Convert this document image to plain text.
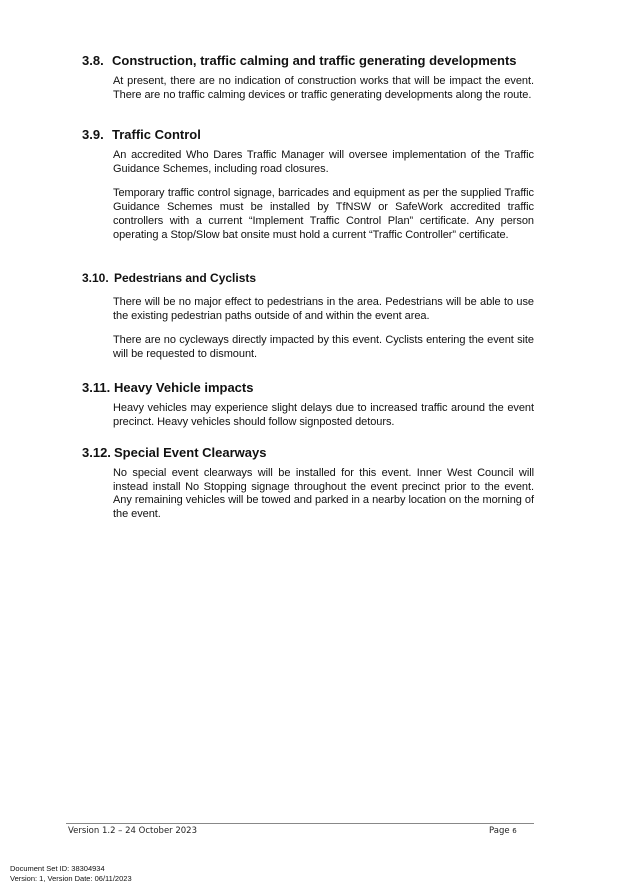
3.8. Construction, traffic calming and traffic generating developments

At present, there are no indication of construction works that will be impact the event. There are no traffic calming devices or traffic generating developments along the route.

3.9. Traffic Control

An accredited Who Dares Traffic Manager will oversee implementation of the Traffic Guidance Schemes, including road closures.

Temporary traffic control signage, barricades and equipment as per the supplied Traffic Guidance Schemes must be installed by TfNSW or SafeWork accredited traffic controllers with a current “Implement Traffic Control Plan” certificate. Any person operating a Stop/Slow bat onsite must hold a current “Traffic Controller” certificate.

3.10. Pedestrians and Cyclists

There will be no major effect to pedestrians in the area. Pedestrians will be able to use the existing pedestrian paths outside of and within the event area.

There are no cycleways directly impacted by this event. Cyclists entering the event site will be requested to dismount.

3.11. Heavy Vehicle impacts

Heavy vehicles may experience slight delays due to increased traffic around the event precinct. Heavy vehicles should follow signposted detours.

3.12. Special Event Clearways

No special event clearways will be installed for this event. Inner West Council will instead install No Stopping signage throughout the event precinct prior to the event. Any remaining vehicles will be towed and parked in a nearby location on the morning of the event.

Version 1.2 – 24 October 2023	Page 6
Document Set ID: 38304934
Version: 1, Version Date: 06/11/2023
